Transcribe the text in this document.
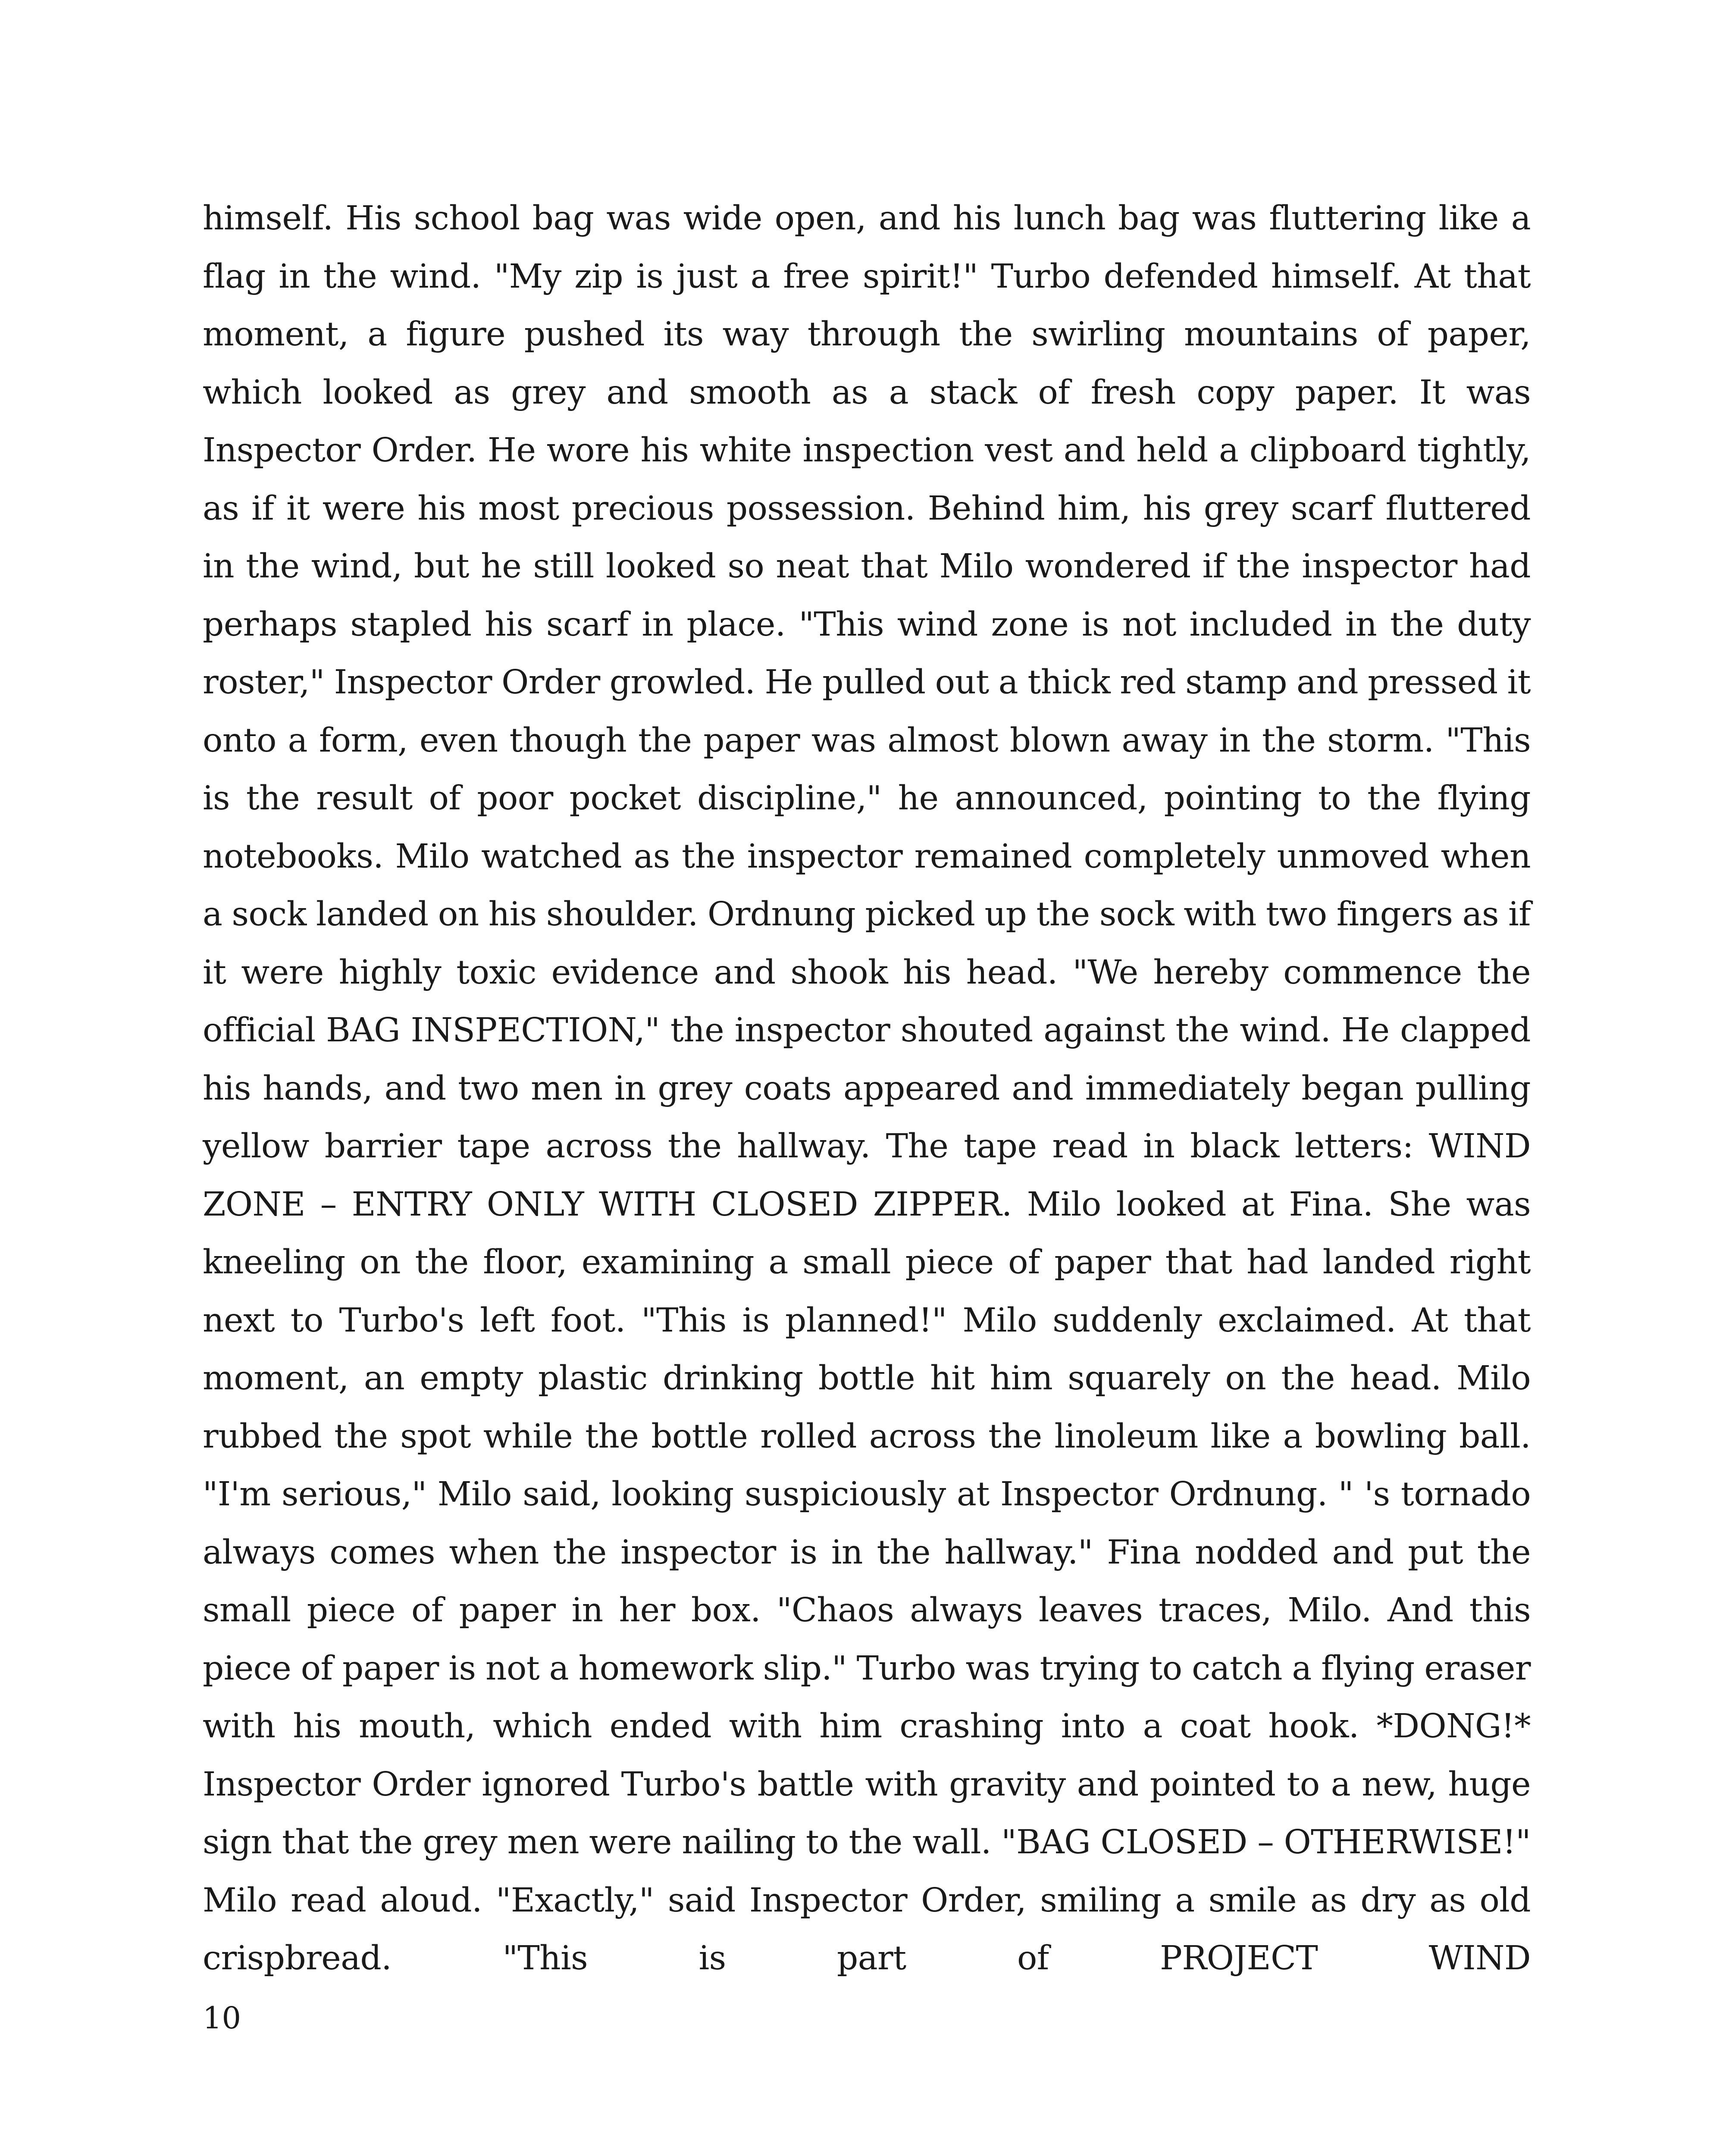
himself. His school bag was wide open, and his lunch bag was fluttering like a flag in the wind. "My zip is just a free spirit!" Turbo defended himself. At that moment, a figure pushed its way through the swirling mountains of paper, which looked as grey and smooth as a stack of fresh copy paper. It was Inspector Order. He wore his white inspection vest and held a clipboard tightly, as if it were his most precious possession. Behind him, his grey scarf fluttered in the wind, but he still looked so neat that Milo wondered if the inspector had perhaps stapled his scarf in place. "This wind zone is not included in the duty roster," Inspector Order growled. He pulled out a thick red stamp and pressed it onto a form, even though the paper was almost blown away in the storm. "This is the result of poor pocket discipline," he announced, pointing to the flying notebooks. Milo watched as the inspector remained completely unmoved when a sock landed on his shoulder. Ordnung picked up the sock with two fingers as if it were highly toxic evidence and shook his head. "We hereby commence the official BAG INSPECTION," the inspector shouted against the wind. He clapped his hands, and two men in grey coats appeared and immediately began pulling yellow barrier tape across the hallway. The tape read in black letters: WIND ZONE – ENTRY ONLY WITH CLOSED ZIPPER. Milo looked at Fina. She was kneeling on the floor, examining a small piece of paper that had landed right next to Turbo's left foot. "This is planned!" Milo suddenly exclaimed. At that moment, an empty plastic drinking bottle hit him squarely on the head. Milo rubbed the spot while the bottle rolled across the linoleum like a bowling ball. "I'm serious," Milo said, looking suspiciously at Inspector Ordnung. " 's tornado always comes when the inspector is in the hallway." Fina nodded and put the small piece of paper in her box. "Chaos always leaves traces, Milo. And this piece of paper is not a homework slip." Turbo was trying to catch a flying eraser with his mouth, which ended with him crashing into a coat hook. *DONG!* Inspector Order ignored Turbo's battle with gravity and pointed to a new, huge sign that the grey men were nailing to the wall. "BAG CLOSED – OTHERWISE!" Milo read aloud. "Exactly," said Inspector Order, smiling a smile as dry as old crispbread. "This is part of PROJECT WIND

10
